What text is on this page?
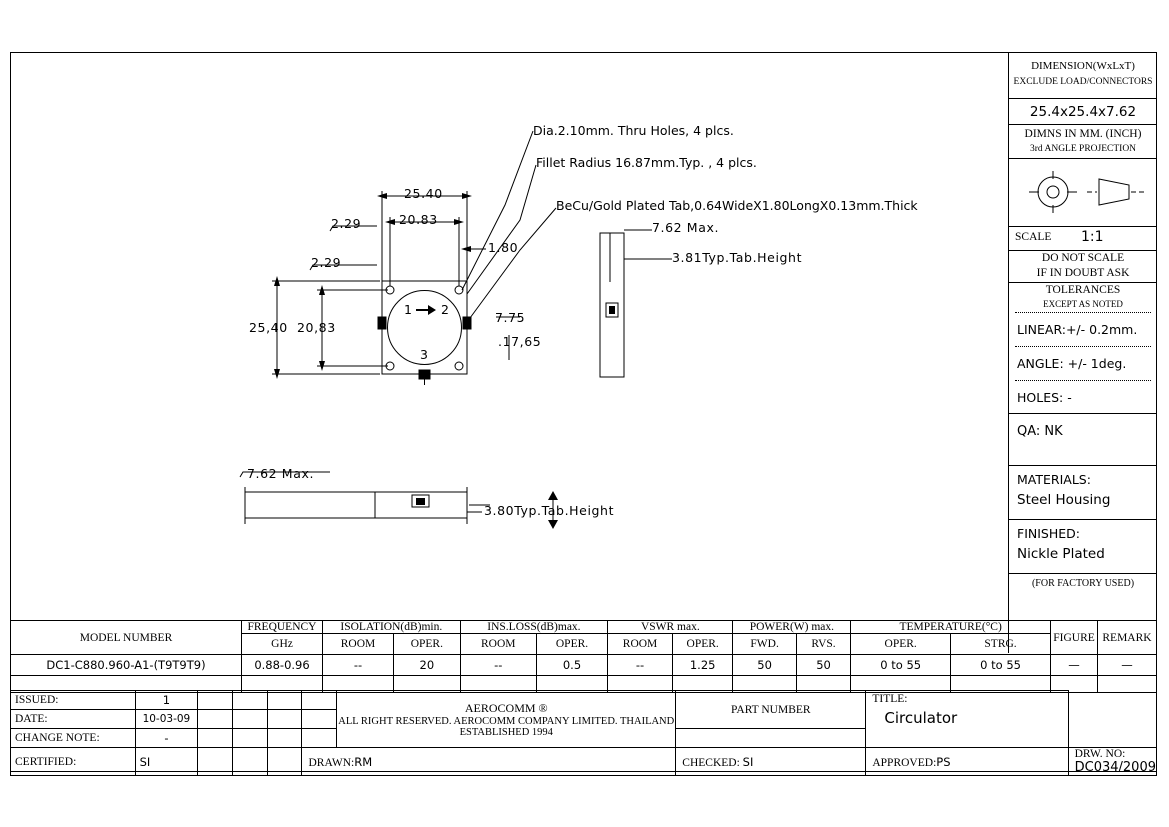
Dia.2.10mm. Thru Holes, 4 plcs.
Fillet Radius 16.87mm.Typ. , 4 plcs.
BeCu/Gold Plated Tab,0.64WideX1.80LongX0.13mm.Thick
25.40
20.83
2.29
2.29
1.80
25,40 20,83
7.75
.17,65
7.62 Max.
3.81Typ.Tab.Height
7.62 Max.
3.80Typ.Tab.Height
1 2
3
DIMENSION(WxLxT)
EXCLUDE LOAD/CONNECTORS
25.4x25.4x7.62
DIMNS IN MM. (INCH)
3rd ANGLE PROJECTION
SCALE 1:1
DO NOT SCALE
IF IN DOUBT ASK
TOLERANCES
EXCEPT AS NOTED
LINEAR:+/- 0.2mm.
ANGLE: +/- 1deg.
HOLES: -
QA: NK
MATERIALS:
Steel Housing
FINISHED:
Nickle Plated
(FOR FACTORY USED)
MODEL NUMBER	FREQUENCY	ISOLATION(dB)min.		INS.LOSS(dB)max.		VSWR max.		POWER(W) max.		TEMPERATURE(°C)		FIGURE	REMARK
	GHz	ROOM	OPER.	ROOM	OPER.	ROOM	OPER.	FWD.	RVS.	OPER.	STRG.		
DC1-C880.960-A1-(T9T9T9)	0.88-0.96	--	20	--	0.5	--	1.25	50	50	0 to 55	0 to 55	—	—

ISSUED:	1					
AEROCOMM ®
ALL RIGHT RESERVED. AEROCOMM COMPANY LIMITED. THAILAND
ESTABLISHED 1994
	PART NUMBER	
TITLE:
Circulator

DATE:	10-03-09								
CHANGE NOTE:	-								
CERTIFIED:	SI				DRAWN:RM		CHECKED: SI	APPROVED:PS	DRW. NO: DC034/2009
